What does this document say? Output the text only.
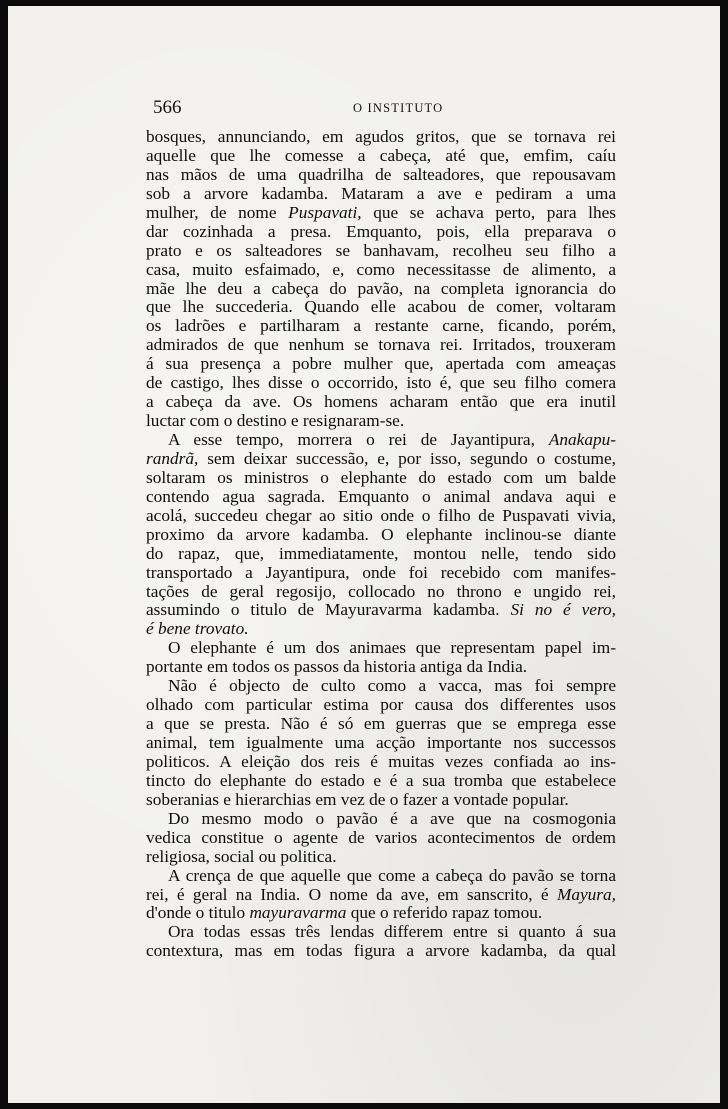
566	O INSTITUTO
bosques, annunciando, em agudos gritos, que se tornava rei
aquelle que lhe comesse a cabeça, até que, emfim, caíu
nas mãos de uma quadrilha de salteadores, que repousavam
sob a arvore kadamba. Mataram a ave e pediram a uma
mulher, de nome Puspavati, que se achava perto, para lhes
dar cozinhada a presa. Emquanto, pois, ella preparava o
prato e os salteadores se banhavam, recolheu seu filho a
casa, muito esfaimado, e, como necessitasse de alimento, a
mãe lhe deu a cabeça do pavão, na completa ignorancia do
que lhe succederia. Quando elle acabou de comer, voltaram
os ladrões e partilharam a restante carne, ficando, porém,
admirados de que nenhum se tornava rei. Irritados, trouxeram
á sua presença a pobre mulher que, apertada com ameaças
de castigo, lhes disse o occorrido, isto é, que seu filho comera
a cabeça da ave. Os homens acharam então que era inutil
luctar com o destino e resignaram-se.
A esse tempo, morrera o rei de Jayantipura, Anakapu-
randrã, sem deixar successão, e, por isso, segundo o costume,
soltaram os ministros o elephante do estado com um balde
contendo agua sagrada. Emquanto o animal andava aqui e
acolá, succedeu chegar ao sitio onde o filho de Puspavati vivia,
proximo da arvore kadamba. O elephante inclinou-se diante
do rapaz, que, immediatamente, montou nelle, tendo sido
transportado a Jayantipura, onde foi recebido com manifes-
tações de geral regosijo, collocado no throno e ungido rei,
assumindo o titulo de Mayuravarma kadamba. Si no é vero,
é bene trovato.
O elephante é um dos animaes que representam papel im-
portante em todos os passos da historia antiga da India.
Não é objecto de culto como a vacca, mas foi sempre
olhado com particular estima por causa dos differentes usos
a que se presta. Não é só em guerras que se emprega esse
animal, tem igualmente uma acção importante nos successos
politicos. A eleição dos reis é muitas vezes confiada ao ins-
tincto do elephante do estado e é a sua tromba que estabelece
soberanias e hierarchias em vez de o fazer a vontade popular.
Do mesmo modo o pavão é a ave que na cosmogonia
vedica constitue o agente de varios acontecimentos de ordem
religiosa, social ou politica.
A crença de que aquelle que come a cabeça do pavão se torna
rei, é geral na India. O nome da ave, em sanscrito, é Mayura,
d'onde o titulo mayuravarma que o referido rapaz tomou.
Ora todas essas três lendas differem entre si quanto á sua
contextura, mas em todas figura a arvore kadamba, da qual
